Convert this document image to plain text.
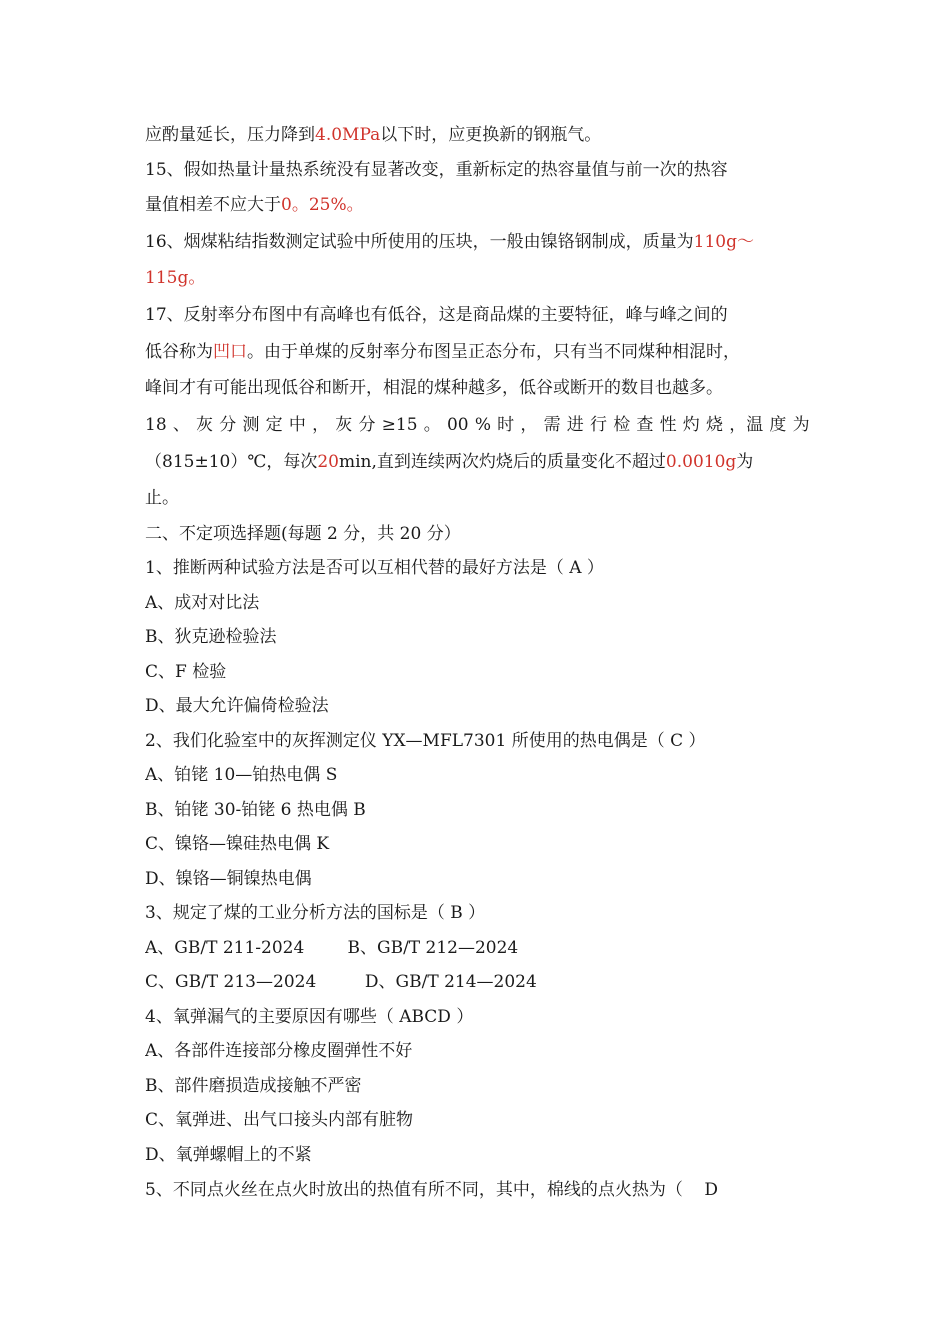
应酌量延长，压力降到4.0MPa以下时，应更换新的钢瓶气。
15、假如热量计量热系统没有显著改变，重新标定的热容量值与前一次的热容
量值相差不应大于0。25%。
16、烟煤粘结指数测定试验中所使用的压块，一般由镍铬钢制成，质量为110g～
115g。
17、反射率分布图中有高峰也有低谷，这是商品煤的主要特征，峰与峰之间的
低谷称为凹口。由于单煤的反射率分布图呈正态分布，只有当不同煤种相混时，
峰间才有可能出现低谷和断开，相混的煤种越多，低谷或断开的数目也越多。
18 、 灰 分 测 定 中 ， 灰 分 ≥15 。 00 % 时 ， 需 进 行 检 查 性 灼 烧 ，温 度 为
（815±10）℃，每次20min,直到连续两次灼烧后的质量变化不超过0.0010g为
止。
二、不定项选择题(每题 2 分，共 20 分）
1、推断两种试验方法是否可以互相代替的最好方法是（ A ）
A、成对对比法
B、狄克逊检验法
C、F 检验
D、最大允许偏倚检验法
2、我们化验室中的灰挥测定仪 YX—MFL7301 所使用的热电偶是（ C ）
A、铂铑 10—铂热电偶 S
B、铂铑 30-铂铑 6 热电偶 B
C、镍铬—镍硅热电偶 K
D、镍铬—铜镍热电偶
3、规定了煤的工业分析方法的国标是（ B ）
A、GB/T 211-2024        B、GB/T 212—2024
C、GB/T 213—2024         D、GB/T 214—2024
4、氧弹漏气的主要原因有哪些（ ABCD ）
A、各部件连接部分橡皮圈弹性不好
B、部件磨损造成接触不严密
C、氧弹进、出气口接头内部有脏物
D、氧弹螺帽上的不紧
5、不同点火丝在点火时放出的热值有所不同，其中，棉线的点火热为（    D
